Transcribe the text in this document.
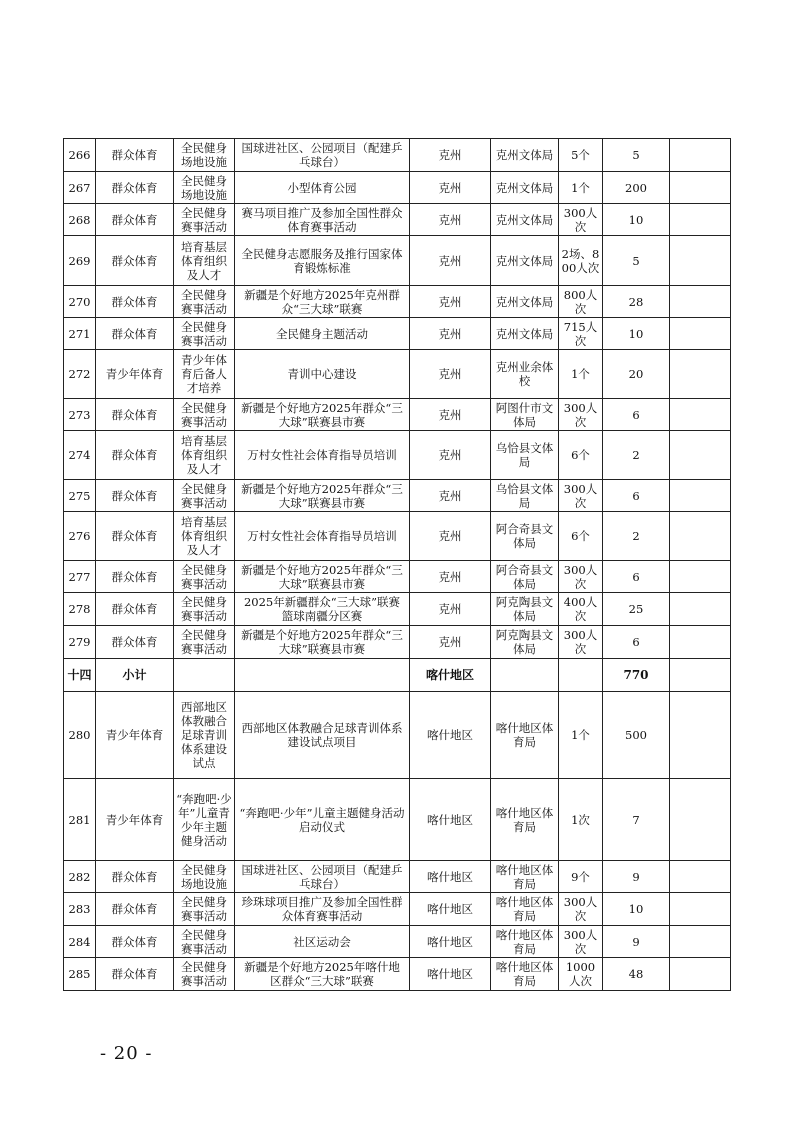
266	群众体育	全民健身场地设施	国球进社区、公园项目（配建乒乓球台）	克州	克州文体局	5个	5	
267	群众体育	全民健身场地设施	小型体育公园	克州	克州文体局	1个	200	
268	群众体育	全民健身赛事活动	赛马项目推广及参加全国性群众体育赛事活动	克州	克州文体局	300人次	10	
269	群众体育	培育基层体育组织及人才	全民健身志愿服务及推行国家体育锻炼标准	克州	克州文体局	2场、800人次	5	
270	群众体育	全民健身赛事活动	新疆是个好地方2025年克州群众“三大球”联赛	克州	克州文体局	800人次	28	
271	群众体育	全民健身赛事活动	全民健身主题活动	克州	克州文体局	715人次	10	
272	青少年体育	青少年体育后备人才培养	青训中心建设	克州	克州业余体校	1个	20	
273	群众体育	全民健身赛事活动	新疆是个好地方2025年群众“三大球”联赛县市赛	克州	阿图什市文体局	300人次	6	
274	群众体育	培育基层体育组织及人才	万村女性社会体育指导员培训	克州	乌恰县文体局	6个	2	
275	群众体育	全民健身赛事活动	新疆是个好地方2025年群众“三大球”联赛县市赛	克州	乌恰县文体局	300人次	6	
276	群众体育	培育基层体育组织及人才	万村女性社会体育指导员培训	克州	阿合奇县文体局	6个	2	
277	群众体育	全民健身赛事活动	新疆是个好地方2025年群众“三大球”联赛县市赛	克州	阿合奇县文体局	300人次	6	
278	群众体育	全民健身赛事活动	2025年新疆群众“三大球”联赛篮球南疆分区赛	克州	阿克陶县文体局	400人次	25	
279	群众体育	全民健身赛事活动	新疆是个好地方2025年群众“三大球”联赛县市赛	克州	阿克陶县文体局	300人次	6	
十四	小计			喀什地区			770	
280	青少年体育	西部地区体教融合足球青训体系建设试点	西部地区体教融合足球青训体系建设试点项目	喀什地区	喀什地区体育局	1个	500	
281	青少年体育	“奔跑吧·少年”儿童青少年主题健身活动	“奔跑吧·少年”儿童主题健身活动启动仪式	喀什地区	喀什地区体育局	1次	7	
282	群众体育	全民健身场地设施	国球进社区、公园项目（配建乒乓球台）	喀什地区	喀什地区体育局	9个	9	
283	群众体育	全民健身赛事活动	珍珠球项目推广及参加全国性群众体育赛事活动	喀什地区	喀什地区体育局	300人次	10	
284	群众体育	全民健身赛事活动	社区运动会	喀什地区	喀什地区体育局	300人次	9	
285	群众体育	全民健身赛事活动	新疆是个好地方2025年喀什地区群众“三大球”联赛	喀什地区	喀什地区体育局	1000人次	48	
- 20 -
